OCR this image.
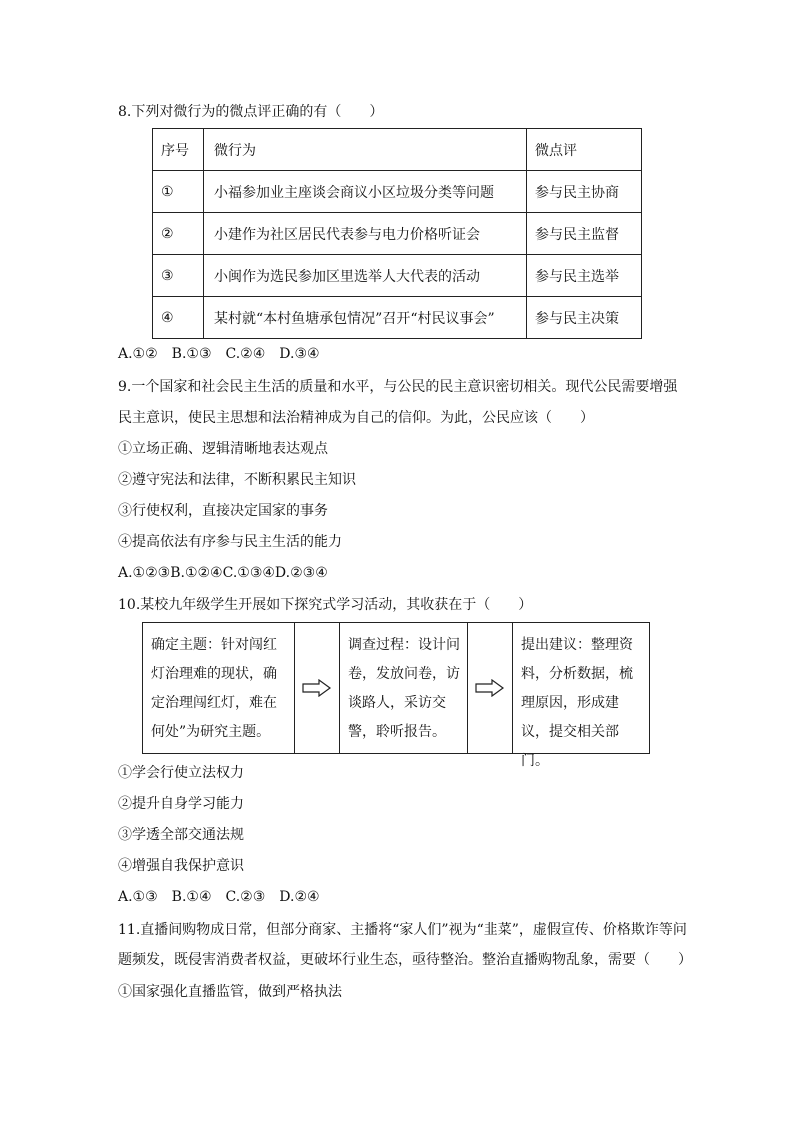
8.下列对微行为的微点评正确的有（　　）
序号	微行为	微点评
①	小福参加业主座谈会商议小区垃圾分类等问题	参与民主协商
②	小建作为社区居民代表参与电力价格听证会	参与民主监督
③	小闽作为选民参加区里选举人大代表的活动	参与民主选举
④	某村就“本村鱼塘承包情况”召开“村民议事会”	参与民主决策
A.①②　B.①③　C.②④　D.③④
9.一个国家和社会民主生活的质量和水平，与公民的民主意识密切相关。现代公民需要增强
民主意识，使民主思想和法治精神成为自己的信仰。为此，公民应该（　　）
①立场正确、逻辑清晰地表达观点
②遵守宪法和法律，不断积累民主知识
③行使权利，直接决定国家的事务
④提高依法有序参与民主生活的能力
A.①②③B.①②④C.①③④D.②③④
10.某校九年级学生开展如下探究式学习活动，其收获在于（　　）
确定主题：针对闯红灯治理难的现状，确定治理闯红灯，难在何处”为研究主题。
调查过程：设计问卷，发放问卷，访谈路人，采访交警，聆听报告。
提出建议：整理资料，分析数据，梳理原因，形成建议，提交相关部门。
①学会行使立法权力
②提升自身学习能力
③学透全部交通法规
④增强自我保护意识
A.①③　B.①④　C.②③　D.②④
11.直播间购物成日常，但部分商家、主播将“家人们”视为“韭菜”，虚假宣传、价格欺诈等问
题频发，既侵害消费者权益，更破坏行业生态，亟待整治。整治直播购物乱象，需要（　　）
①国家强化直播监管，做到严格执法
